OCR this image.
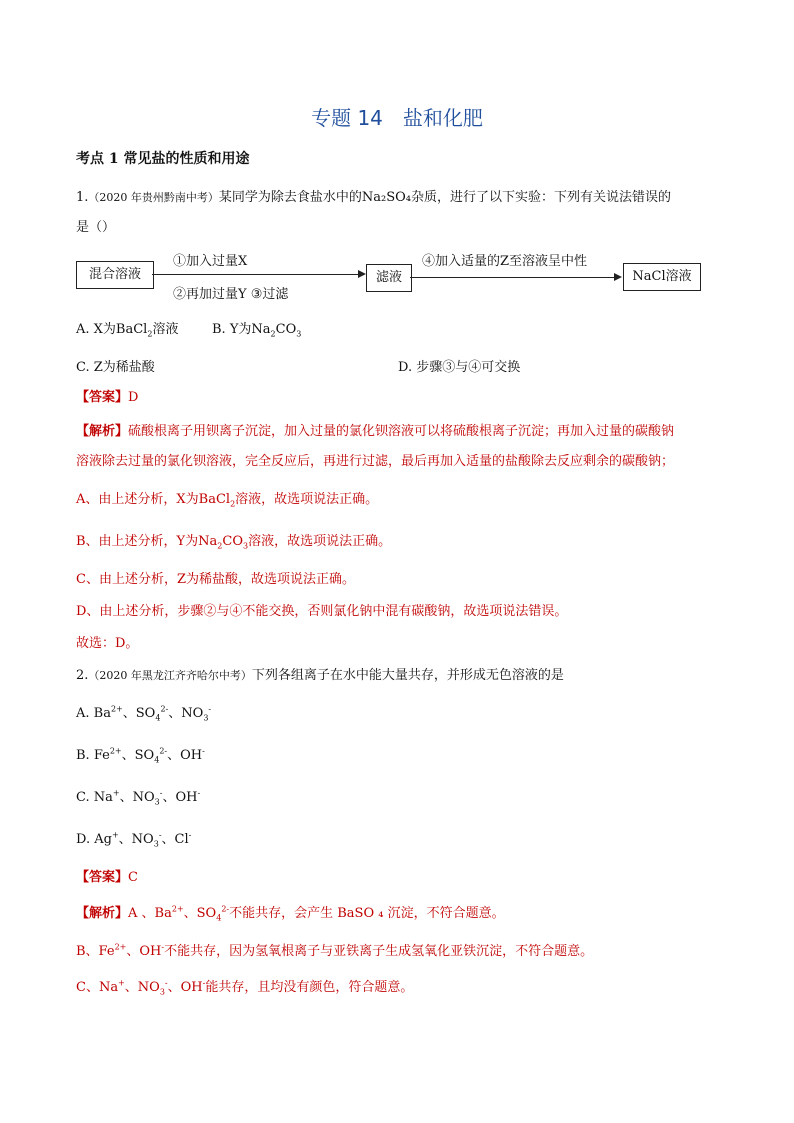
专题 14　盐和化肥
考点 1 常见盐的性质和用途
1.（2020 年贵州黔南中考）某同学为除去食盐水中的Na₂SO₄杂质，进行了以下实验：下列有关说法错误的
是（）
混合溶液
①加入过量X
②再加过量Y ③过滤
滤液
④加入适量的Z至溶液呈中性
NaCl溶液
A. X为BaCl$_2$溶液	B. Y为$Na_2CO_3$
C. Z为稀盐酸	D. 步骤③与④可交换
【答案】D
【解析】硫酸根离子用钡离子沉淀，加入过量的氯化钡溶液可以将硫酸根离子沉淀；再加入过量的碳酸钠
溶液除去过量的氯化钡溶液，完全反应后，再进行过滤，最后再加入适量的盐酸除去反应剩余的碳酸钠；
A、由上述分析，X为BaCl$_2$溶液，故选项说法正确。
B、由上述分析，Y为$Na_2CO_3$溶液，故选项说法正确。
C、由上述分析，Z为稀盐酸，故选项说法正确。
D、由上述分析，步骤②与④不能交换，否则氯化钠中混有碳酸钠，故选项说法错误。
故选：D。
2.（2020 年黑龙江齐齐哈尔中考）下列各组离子在水中能大量共存，并形成无色溶液的是
A. $Ba^{2+}$、$SO_4^{2-}$、$NO_3^-$
B. $Fe^{2+}$、$SO_4^{2-}$、OH-
C. Na+、$NO_3^-$、OH-
D. Ag+、$NO_3^-$、Cl-
【答案】C
【解析】A 、$Ba^{2+}$、$SO_4^{2-}$不能共存，会产生 BaSO ₄ 沉淀，不符合题意。
B、$Fe^{2+}$、OH-不能共存，因为氢氧根离子与亚铁离子生成氢氧化亚铁沉淀，不符合题意。
C、Na+、$NO_3^-$、OH-能共存，且均没有颜色，符合题意。
